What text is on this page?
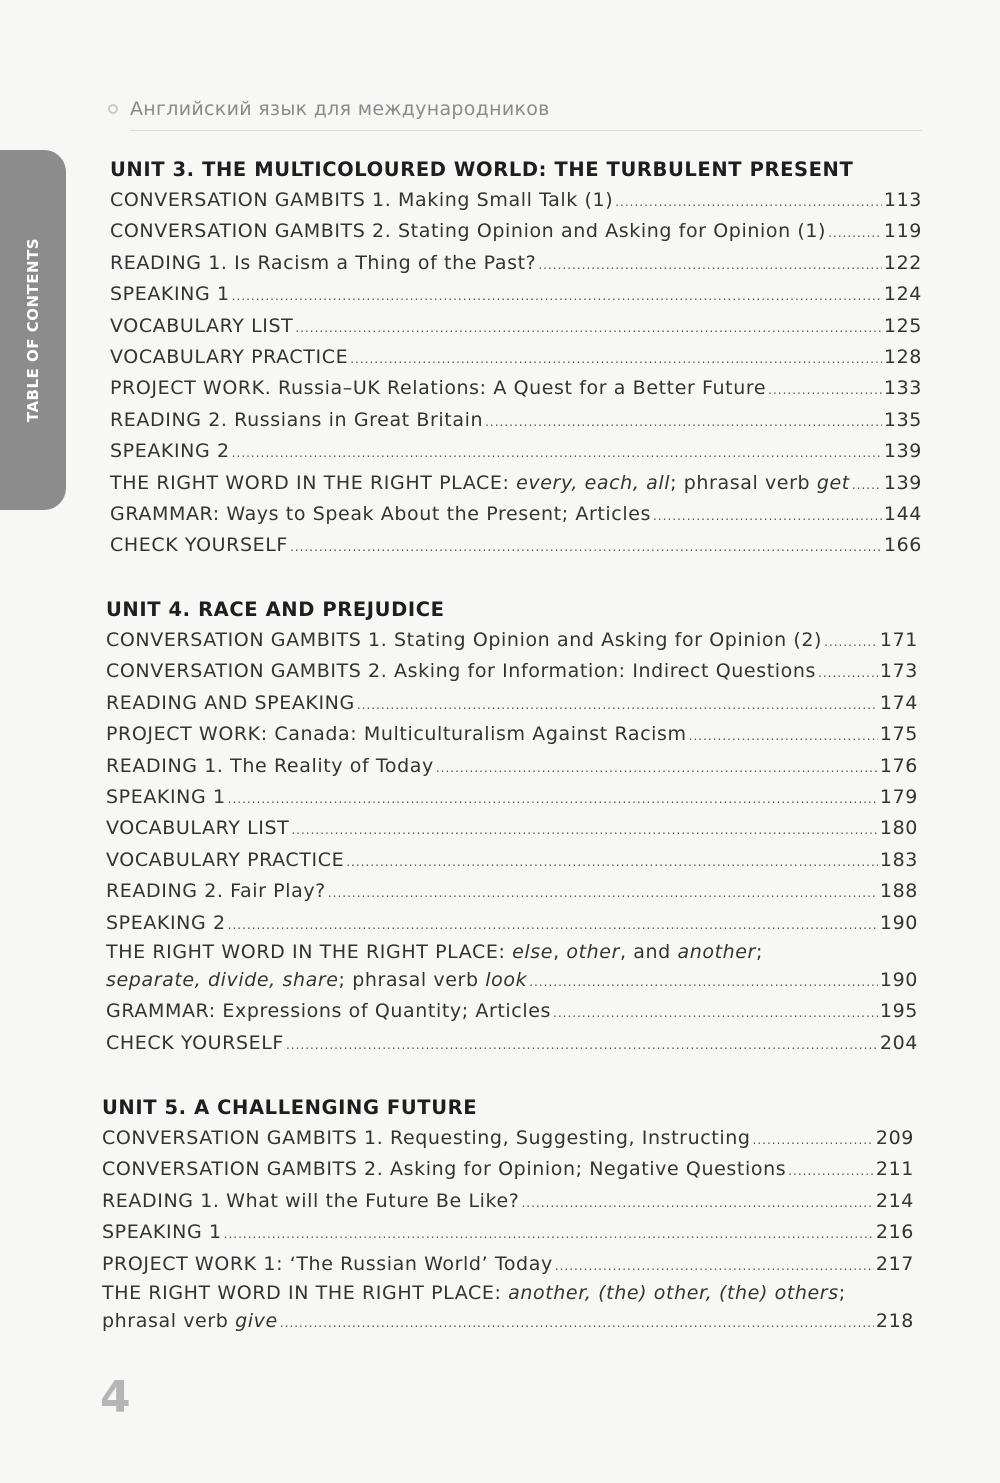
Английский язык для международников
TABLE OF CONTENTS
UNIT 3. THE MULTICOLOURED WORLD: THE TURBULENT PRESENT
CONVERSATION GAMBITS 1. Making Small Talk (1) .....	113
CONVERSATION GAMBITS 2. Stating Opinion and Asking for Opinion (1) .....	119
READING 1. Is Racism a Thing of the Past? .....	122
SPEAKING 1 .....	124
VOCABULARY LIST .....	125
VOCABULARY PRACTICE .....	128
PROJECT WORK. Russia–UK Relations: A Quest for a Better Future .....	133
READING 2. Russians in Great Britain .....	135
SPEAKING 2 .....	139
THE RIGHT WORD IN THE RIGHT PLACE: every, each, all; phrasal verb get ..... 139
GRAMMAR: Ways to Speak About the Present; Articles .....	144
CHECK YOURSELF .....	166
UNIT 4. RACE AND PREJUDICE
CONVERSATION GAMBITS 1. Stating Opinion and Asking for Opinion (2) .....	171
CONVERSATION GAMBITS 2. Asking for Information: Indirect Questions .....	173
READING AND SPEAKING .....	174
PROJECT WORK: Canada: Multiculturalism Against Racism .....	175
READING 1. The Reality of Today .....	176
SPEAKING 1 .....	179
VOCABULARY LIST .....	180
VOCABULARY PRACTICE .....	183
READING 2. Fair Play? .....	188
SPEAKING 2 .....	190
THE RIGHT WORD IN THE RIGHT PLACE: else, other, and another;
separate, divide, share; phrasal verb look .....	190
GRAMMAR: Expressions of Quantity; Articles .....	195
CHECK YOURSELF .....	204
UNIT 5. A CHALLENGING FUTURE
CONVERSATION GAMBITS 1. Requesting, Suggesting, Instructing .....	209
CONVERSATION GAMBITS 2. Asking for Opinion; Negative Questions .....	211
READING 1. What will the Future Be Like? .....	214
SPEAKING 1 .....	216
PROJECT WORK 1: ‘The Russian World’ Today .....	217
THE RIGHT WORD IN THE RIGHT PLACE: another, (the) other, (the) others;
phrasal verb give .....	218
4
